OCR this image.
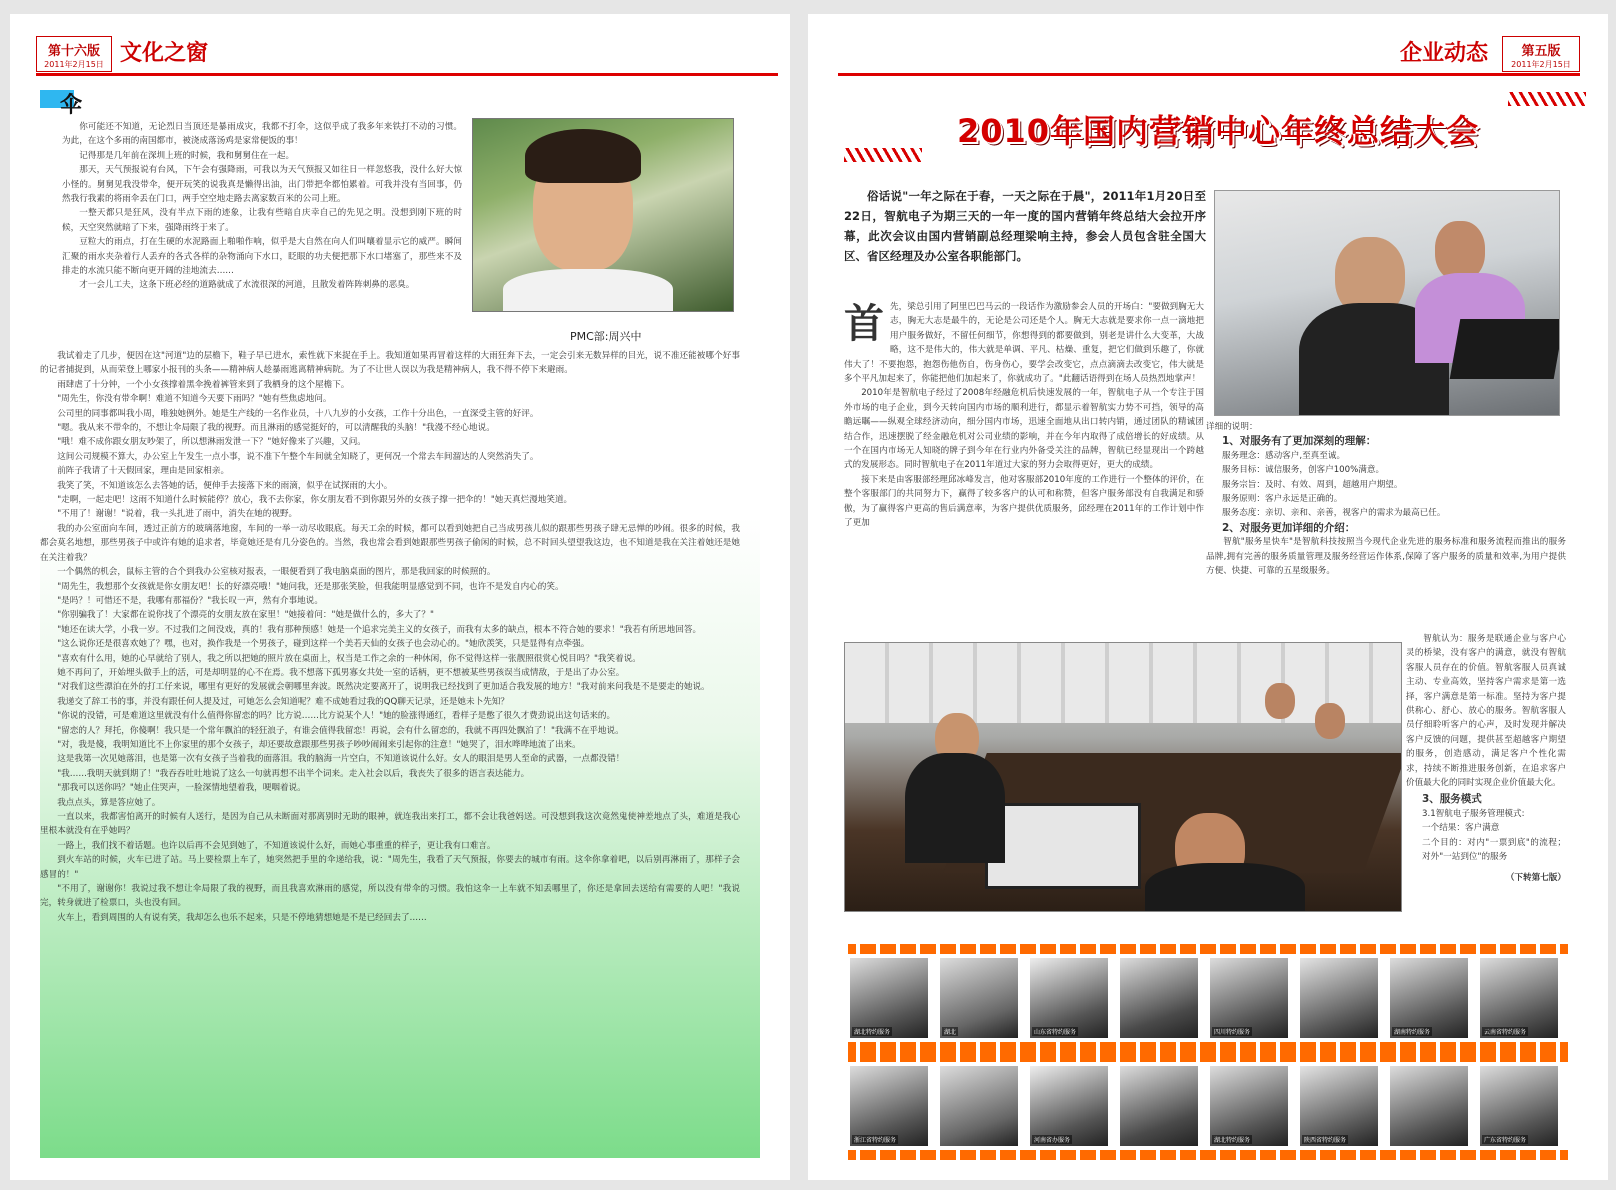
第十六版
2011年2月15日 文化之窗	智汇天下 成就未来 智成科技报
伞

你可能还不知道，无论烈日当顶还是暴雨成灾，我都不打伞，这似乎成了我多年来铁打不动的习惯。为此，在这个多雨的南国都市，被浇成落汤鸡是家常便饭的事！

记得那是几年前在深圳上班的时候，我和舅舅住在一起。

那天，天气预报说有台风，下午会有强降雨，可我以为天气预报又如往日一样忽悠我，没什么好大惊小怪的。舅舅见我没带伞，便开玩笑的说我真是懒得出油，出门带把伞都怕累着。可我并没有当回事，仍然我行我素的将雨伞丢在门口，两手空空地走路去离家数百米的公司上班。

一整天都只是狂风，没有半点下雨的迹象，让我有些暗自庆幸自己的先见之明。没想到刚下班的时候，天空突然就暗了下来，强降雨终于来了。

豆粒大的雨点，打在生硬的水泥路面上啪啪作响，似乎是大自然在向人们叫嚷着显示它的威严。瞬间汇聚的雨水夹杂着行人丢弃的各式各样的杂物涌向下水口，眨眼的功夫便把那下水口堵塞了，那些来不及排走的水流只能不断向更开阔的洼地流去……

才一会儿工夫，这条下班必经的道路就成了水流很深的河道，且散发着阵阵刺鼻的恶臭。

PMC部:周兴中

我试着走了几步，便因在这"河道"边的层檐下，鞋子早已进水，索性就下来捉在手上。我知道如果再冒着这样的大雨狂奔下去，一定会引来无数异样的目光，说不准还能被哪个好事的记者捕捉到，从而荣登上哪家小报刊的头条——精神病人趁暴雨逃离精神病院。为了不让世人误以为我是精神病人，我不得不停下来避雨。

雨肆虐了十分钟，一个小女孩撑着黑伞挽着裤管来到了我栖身的这个屋檐下。

"周先生，你没有带伞啊！难道不知道今天要下雨吗？"她有些焦虑地问。

公司里的同事都叫我小周，唯独她例外。她是生产线的一名作业员，十八九岁的小女孩，工作十分出色，一直深受主管的好评。

"嗯。我从来不带伞的，不想让伞局限了我的视野。而且淋雨的感觉挺好的，可以清醒我的头脑！"我漫不经心地说。

"哦！难不成你跟女朋友吵架了，所以想淋雨发泄一下？"她好像来了兴趣，又问。

这间公司规模不算大，办公室上午发生一点小事，说不准下午整个车间就全知晓了，更何况一个常去车间溜达的人突然消失了。

前阵子我请了十天假回家，理由是回家相亲。

我笑了笑，不知道该怎么去答她的话，便伸手去接落下来的雨滴，似乎在试探雨的大小。

"走啊，一起走吧！这雨不知道什么时候能停？放心，我不去你家，你女朋友看不到你跟另外的女孩子撑一把伞的！"她天真烂漫地笑道。

"不用了！谢谢！"说着，我一头扎进了雨中，消失在她的视野。

我的办公室面向车间，透过正前方的玻璃落地窗，车间的一举一动尽收眼底。每天工余的时候，都可以看到她把自己当成男孩儿似的跟那些男孩子肆无忌惮的吵闹。很多的时候，我都会莫名地想，那些男孩子中或许有她的追求者，毕竟她还是有几分姿色的。当然，我也常会看到她跟那些男孩子偷闲的时候，总不时回头望望我这边，也不知道是我在关注着她还是她在关注着我？

一个偶然的机会，鼠标主管的合个到我办公室核对报表，一眼便看到了我电脑桌面的图片，那是我回家的时候照的。

"周先生，我想那个女孩就是你女朋友吧！长的好漂亮哦！"她问我，还是那张笑脸，但我能明显感觉到不同，也许不是发自内心的笑。

"是吗？！可惜还不是，我哪有那福份？"我长叹一声，然有介事地说。

"你别骗我了！大家都在说你找了个漂亮的女朋友放在家里！"她接着问："她是做什么的，多大了？"

"她还在读大学，小我一岁。不过我们之间没戏，真的！我有那种预感！她是一个追求完美主义的女孩子，而我有太多的缺点，根本不符合她的要求！"我若有所思地回答。

"这么说你还是很喜欢她了？嘿，也对，换作我是一个男孩子，碰到这样一个美若天仙的女孩子也会动心的。"她欣羡笑，只是显得有点牵强。

"喜欢有什么用，她的心早就给了别人，我之所以把她的照片放在桌面上，权当是工作之余的一种休闲，你不觉得这样一张靓照很赏心悦目吗？"我笑着说。

她不再问了，开始埋头做手上的活，可是却明显的心不在焉。我不想落下孤男寡女共处一室的话柄，更不想被某些男孩误当成情敌，于是出了办公室。

"对我们这些漂泊在外的打工仔来说，哪里有更好的发展就会朝哪里奔波。既然决定要离开了，说明我已经找到了更加适合我发展的地方！"我对前来问我是不是要走的她说。

我递交了辞工书的事，并没有跟任何人提及过，可她怎么会知道呢？难不成她看过我的QQ聊天记录，还是她未卜先知？

"你说的没错，可是难道这里就没有什么值得你留恋的吗？比方说……比方说某个人！"她的脸涨得通红，看样子是憋了很久才费劲说出这句话来的。

"留恋的人？拜托，你傻啊！我只是一个常年飘泊的轻狂浪子，有谁会值得我留恋！再说，会有什么留恋的，我就不再四处飘泊了！"我满不在乎地说。

"对，我是傻，我明知道比不上你家里的那个女孩子，却还要故意跟那些男孩子吵吵闹闹来引起你的注意！"她哭了，泪水哗哗地流了出来。

这是我第一次见她落泪，也是第一次有女孩子当着我的面落泪。我的脑海一片空白，不知道该说什么好。女人的眼泪是男人至命的武器，一点都没错！

"我……我明天就到期了！"我吞吞吐吐地说了这么一句就再想不出半个词来。走入社会以后，我丧失了很多的语言表达能力。

"那我可以送你吗？"她止住哭声，一脸深情地望着我，哽咽着说。

我点点头，算是答应她了。

一直以来，我都害怕离开的时候有人送行，是因为自己从未断面对那离别时无助的眼神，就连我出来打工，都不会让我爸妈送。可没想到我这次竟然鬼使神差地点了头，难道是我心里根本就没有在乎她吗？

一路上，我们找不着话题。也许以后再不会见到她了，不知道该说什么好，而她心事重重的样子，更让我有口难言。

到火车站的时候，火车已进了站。马上要检票上车了，她突然把手里的伞递给我，说："周先生，我看了天气预报，你要去的城市有雨。这伞你拿着吧，以后别再淋雨了，那样子会感冒的！"

"不用了，谢谢你！我说过我不想让伞局限了我的视野，而且我喜欢淋雨的感觉，所以没有带伞的习惯。我怕这伞一上车就不知丢哪里了，你还是拿回去送给有需要的人吧！"我说完，转身就进了检票口，头也没有回。

火车上，看到周围的人有说有笑，我却怎么也乐不起来，只是不停地猜想她是不是已经回去了……

智成科技报 智汇天下 成就未来	企业动态	第五版
2011年2月15日
2010年国内营销中心年终总结大会
俗话说"一年之际在于春，一天之际在于晨"，2011年1月20日至22日，智航电子为期三天的一年一度的国内营销年终总结大会拉开序幕，此次会议由国内营销副总经理梁响主持，参会人员包含驻全国大区、省区经理及办公室各职能部门。
首 先，梁总引用了阿里巴巴马云的一段话作为激励参会人员的开场白："要做到胸无大志，胸无大志是最牛的，无论是公司还是个人。胸无大志就是要求你一点一滴地把用户服务做好，不留任何细节，你想得到的都要做到，别老是讲什么大变革，大战略，这不是伟大的，伟大就是单调、平凡、枯燥、重复，把它们做到乐趣了，你就伟大了！不要抱怨，抱怨伤他伤自，伤身伤心，要学会改变它，点点滴滴去改变它，伟大就是多个平凡加起来了，你能把他们加起来了，你就成功了。"此翻话语得到在场人员热烈地掌声！

2010年是智航电子经过了2008年经融危机后快速发展的一年，智航电子从一个专注于国外市场的电子企业，到今天转向国内市场的顺利进行，都显示着智航实力势不可挡，领导的高瞻远瞩——纵观全球经济动向，细分国内市场，迅速全面地从出口转内销，通过团队的精诚团结合作，迅速摆脱了经金融危机对公司业绩的影响，并在今年内取得了成倍增长的好成绩。从一个在国内市场无人知晓的牌子到今年在行业内外备受关注的品牌，智航已经显现出一个跨越式的发展形态。同时智航电子在2011年道过大家的努力会取得更好，更大的成绩。

接下来是由客服部经理邱冰峰发言，他对客服部2010年度的工作进行一个整体的评价，在整个客服部门的共同努力下，赢得了较多客户的认可和称赞，但客户服务部没有自我满足和骄傲，为了赢得客户更高的售后满意率，为客户提供优质服务，邱经理在2011年的工作计划中作了更加

详细的说明：
1、对服务有了更加深刻的理解：
服务理念：感动客户,至真至诚。
服务目标：诚信服务，创客户100%满意。
服务宗旨：及时、有效、周到，超越用户期望。
服务原则：客户永远是正确的。
服务态度：亲切、亲和、亲善，视客户的需求为最高已任。
2、对服务更加详细的介绍：

智航"服务星快车"是智航科技按照当今现代企业先进的服务标准和服务流程而推出的服务品牌,拥有完善的服务质量管理及服务经营运作体系,保障了客户服务的质量和效率,为用户提供方便、快捷、可靠的五星级服务。

智航认为：服务是联通企业与客户心灵的桥梁，没有客户的满意，就没有智航客服人员存在的价值。智航客服人员真诚主动、专业高效，坚持客户需求是第一选择，客户满意是第一标准。坚持为客户提供称心、舒心、放心的服务。智航客服人员仔细聆听客户的心声，及时发现并解决客户反馈的问题，提供甚至超越客户期望的服务，创造感动，满足客户个性化需求，持续不断推进服务创新，在追求客户价值最大化的同时实现企业价值最大化。

3、服务模式
3.1智航电子服务管理模式:
一个结果：客户满意
二个目的：对内"一票到底"的流程；对外"一站到位"的服务
（下转第七版）
湖北特约服务	湖北	山东省特约服务	四川特约服务	湖南特约服务	云南省特约服务
浙江省特约服务	河南省办服务	湖北特约服务	陕西省特约服务	广东省特约服务
